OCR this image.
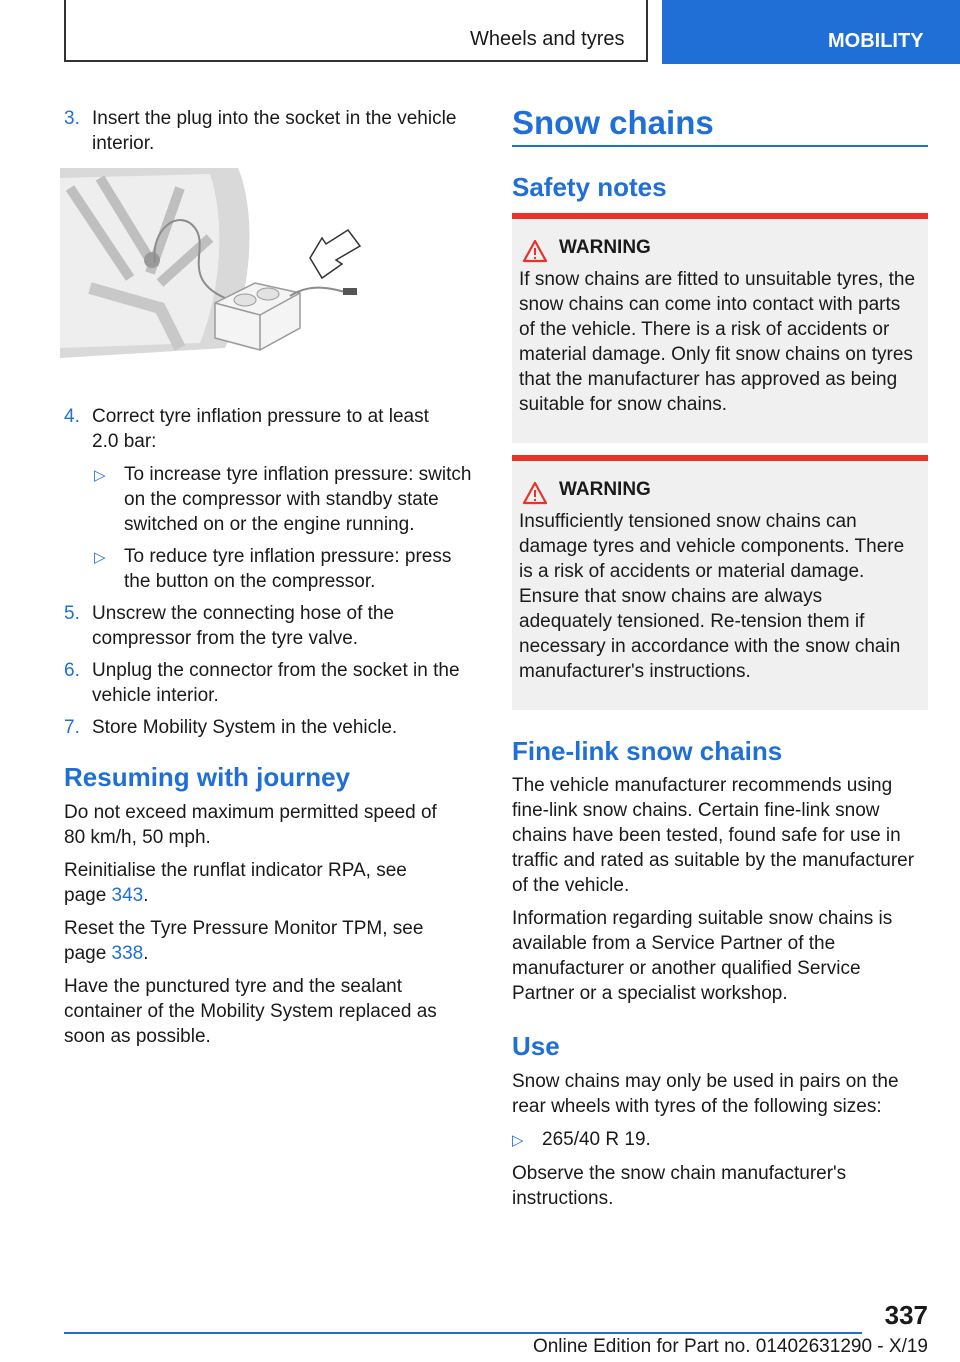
Wheels and tyres	MOBILITY

3. Insert the plug into the socket in the vehicle interior.

4. Correct tyre inflation pressure to at least 2.0 bar:

▷ To increase tyre inflation pressure: switch on the compressor with standby state switched on or the engine running.

▷ To reduce tyre inflation pressure: press the button on the compressor.

5. Unscrew the connecting hose of the compressor from the tyre valve.

6. Unplug the connector from the socket in the vehicle interior.

7. Store Mobility System in the vehicle.

Resuming with journey

Do not exceed maximum permitted speed of 80 km/h, 50 mph.

Reinitialise the runflat indicator RPA, see page 343.

Reset the Tyre Pressure Monitor TPM, see page 338.

Have the punctured tyre and the sealant container of the Mobility System replaced as soon as possible.

Snow chains
Safety notes
WARNING

If snow chains are fitted to unsuitable tyres, the snow chains can come into contact with parts of the vehicle. There is a risk of accidents or material damage. Only fit snow chains on tyres that the manufacturer has approved as being suitable for snow chains.

WARNING

Insufficiently tensioned snow chains can damage tyres and vehicle components. There is a risk of accidents or material damage. Ensure that snow chains are always adequately tensioned. Re-tension them if necessary in accordance with the snow chain manufacturer's instructions.

Fine-link snow chains

The vehicle manufacturer recommends using fine-link snow chains. Certain fine-link snow chains have been tested, found safe for use in traffic and rated as suitable by the manufacturer of the vehicle.

Information regarding suitable snow chains is available from a Service Partner of the manufacturer or another qualified Service Partner or a specialist workshop.

Use

Snow chains may only be used in pairs on the rear wheels with tyres of the following sizes:

▷ 265/40 R 19.

Observe the snow chain manufacturer's instructions.

337
Online Edition for Part no. 01402631290 - X/19
